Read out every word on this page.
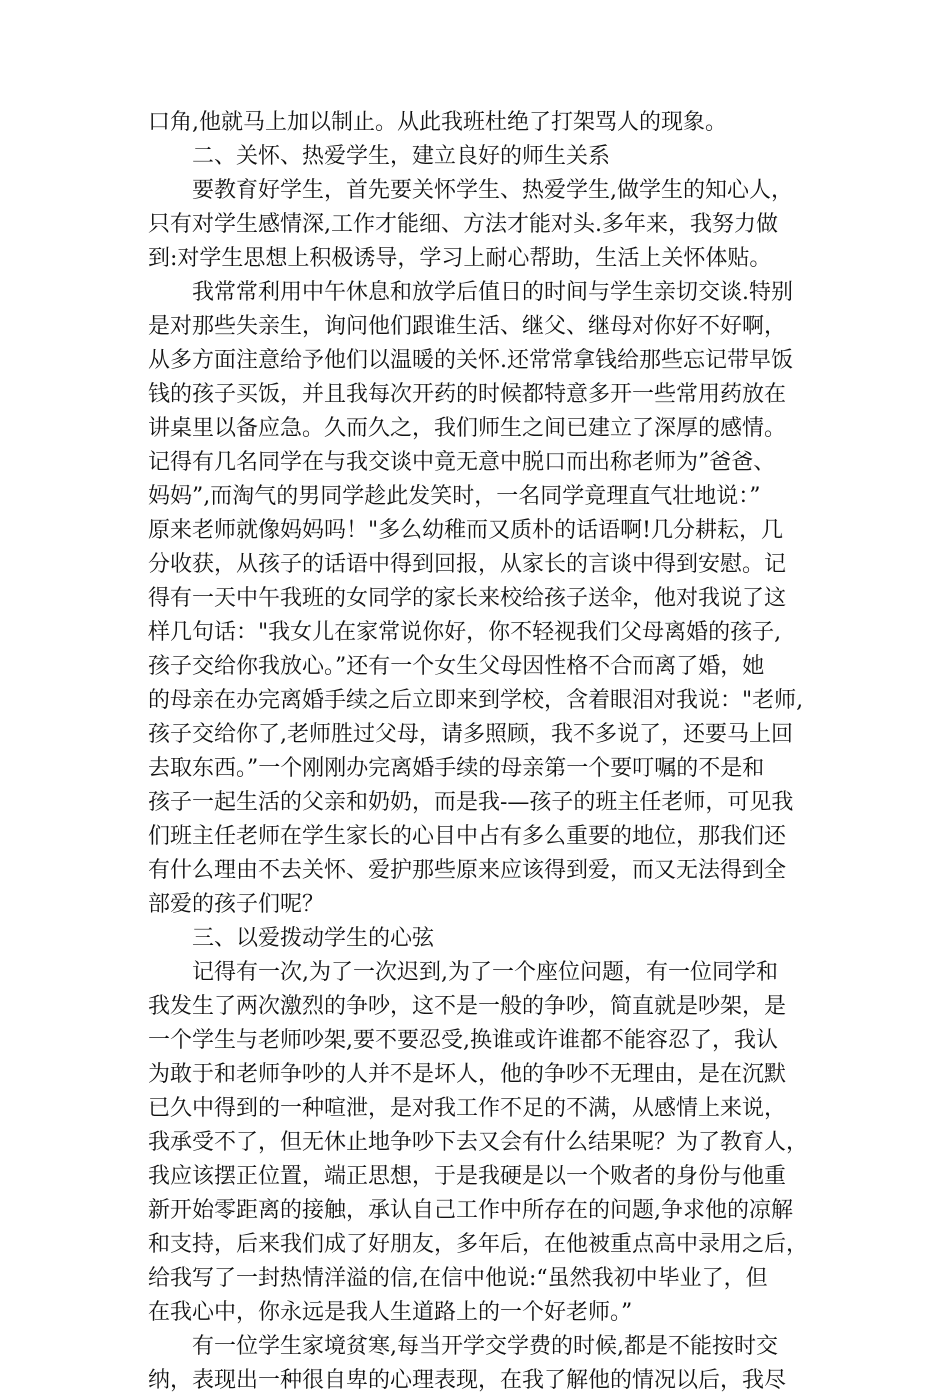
口角,他就马上加以制止。从此我班杜绝了打架骂人的现象。
二、关怀、热爱学生，建立良好的师生关系
要教育好学生，首先要关怀学生、热爱学生,做学生的知心人，
只有对学生感情深,工作才能细、方法才能对头.多年来，我努力做
到:对学生思想上积极诱导，学习上耐心帮助，生活上关怀体贴。
我常常利用中午休息和放学后值日的时间与学生亲切交谈.特别
是对那些失亲生，询问他们跟谁生活、继父、继母对你好不好啊，
从多方面注意给予他们以温暖的关怀.还常常拿钱给那些忘记带早饭
钱的孩子买饭，并且我每次开药的时候都特意多开一些常用药放在
讲桌里以备应急。久而久之，我们师生之间已建立了深厚的感情。
记得有几名同学在与我交谈中竟无意中脱口而出称老师为”爸爸、
妈妈”,而淘气的男同学趁此发笑时，一名同学竟理直气壮地说：”
原来老师就像妈妈吗！"多么幼稚而又质朴的话语啊!几分耕耘，几
分收获，从孩子的话语中得到回报，从家长的言谈中得到安慰。记
得有一天中午我班的女同学的家长来校给孩子送伞，他对我说了这
样几句话："我女儿在家常说你好，你不轻视我们父母离婚的孩子,
孩子交给你我放心。”还有一个女生父母因性格不合而离了婚，她
的母亲在办完离婚手续之后立即来到学校，含着眼泪对我说："老师,
孩子交给你了,老师胜过父母，请多照顾，我不多说了，还要马上回
去取东西。”一个刚刚办完离婚手续的母亲第一个要叮嘱的不是和
孩子一起生活的父亲和奶奶，而是我-—孩子的班主任老师，可见我
们班主任老师在学生家长的心目中占有多么重要的地位，那我们还
有什么理由不去关怀、爱护那些原来应该得到爱，而又无法得到全
部爱的孩子们呢？
三、以爱拨动学生的心弦
记得有一次,为了一次迟到,为了一个座位问题，有一位同学和
我发生了两次激烈的争吵，这不是一般的争吵，简直就是吵架，是
一个学生与老师吵架,要不要忍受,换谁或许谁都不能容忍了，我认
为敢于和老师争吵的人并不是坏人，他的争吵不无理由，是在沉默
已久中得到的一种喧泄，是对我工作不足的不满，从感情上来说，
我承受不了，但无休止地争吵下去又会有什么结果呢？为了教育人，
我应该摆正位置，端正思想，于是我硬是以一个败者的身份与他重
新开始零距离的接触，承认自己工作中所存在的问题,争求他的凉解
和支持，后来我们成了好朋友，多年后，在他被重点高中录用之后，
给我写了一封热情洋溢的信,在信中他说:“虽然我初中毕业了，但
在我心中，你永远是我人生道路上的一个好老师。”
有一位学生家境贫寒,每当开学交学费的时候,都是不能按时交
纳，表现出一种很自卑的心理表现，在我了解他的情况以后，我尽
